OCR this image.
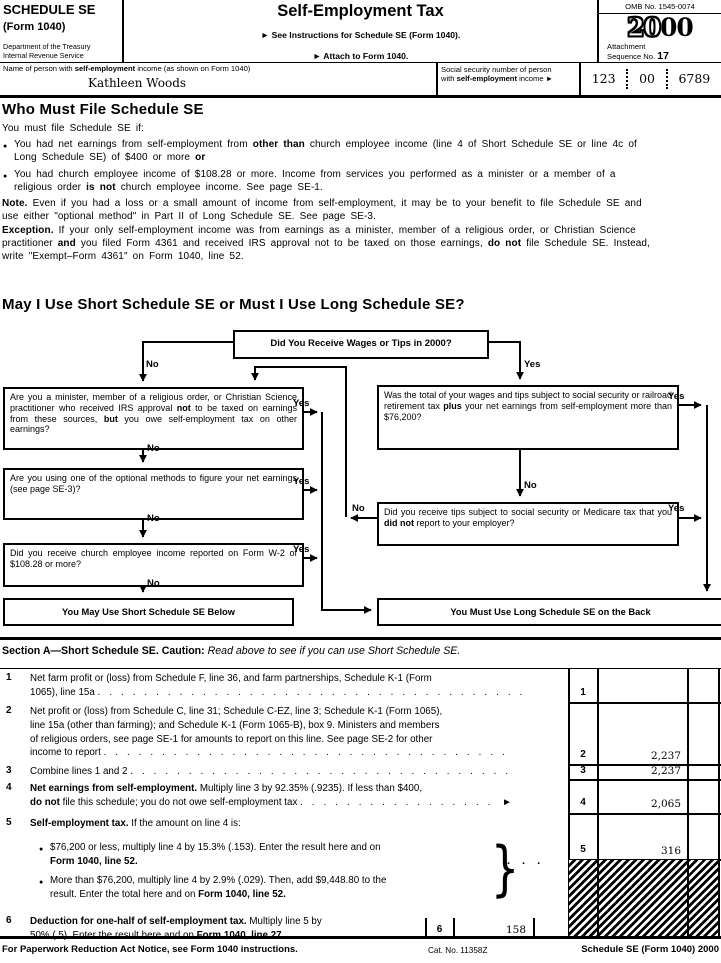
SCHEDULE SE
(Form 1040)
Department of the Treasury
Internal Revenue Service
Self-Employment Tax
► See Instructions for Schedule SE (Form 1040).
► Attach to Form 1040.
OMB No. 1545-0074
2000
Attachment
Sequence No. 17
Name of person with self-employment income (as shown on Form 1040)
Kathleen Woods
Social security number of person
with self-employment income ►	123 00 6789
Who Must File Schedule SE
You must file Schedule SE if:
● You had net earnings from self-employment from other than church employee income (line 4 of Short Schedule SE or line 4c of
Long Schedule SE) of $400 or more or
● You had church employee income of $108.28 or more. Income from services you performed as a minister or a member of a
religious order is not church employee income. See page SE-1.
Note. Even if you had a loss or a small amount of income from self-employment, it may be to your benefit to file Schedule SE and
use either "optional method" in Part II of Long Schedule SE. See page SE-3.
Exception. If your only self-employment income was from earnings as a minister, member of a religious order, or Christian Science
practitioner and you filed Form 4361 and received IRS approval not to be taxed on those earnings, do not file Schedule SE. Instead,
write "Exempt–Form 4361" on Form 1040, line 52.
May I Use Short Schedule SE or Must I Use Long Schedule SE?
Did You Receive Wages or Tips in 2000?
Are you a minister, member of a religious order, or Christian Science practitioner who received IRS approval not to be taxed on earnings from these sources, but you owe self-employment tax on other earnings?
Are you using one of the optional methods to figure your net earnings (see page SE-3)?
Did you receive church employee income reported on Form W-2 of $108.28 or more?
You May Use Short Schedule SE Below
Was the total of your wages and tips subject to social security or railroad retirement tax plus your net earnings from self-employment more than $76,200?
Did you receive tips subject to social security or Medicare tax that you did not report to your employer?
You Must Use Long Schedule SE on the Back
No	Yes
No
No
No
Yes
Yes
Yes
Yes
No
Yes
No
Section A—Short Schedule SE. Caution: Read above to see if you can use Short Schedule SE.
1 Net farm profit or (loss) from Schedule F, line 36, and farm partnerships, Schedule K-1 (Form
1065), line 15a .....................................	1
2 Net profit or (loss) from Schedule C, line 31; Schedule C-EZ, line 3; Schedule K-1 (Form 1065),
line 15a (other than farming); and Schedule K-1 (Form 1065-B), box 9. Ministers and members
of religious orders, see page SE-1 for amounts to report on this line. See page SE-2 for other
income to report ...................................	2	2,237
3 Combine lines 1 and 2 .................................	3	2,237
4 Net earnings from self-employment. Multiply line 3 by 92.35% (.9235). If less than $400,
do not file this schedule; you do not owe self-employment tax ................. ►	4	2,065
5 Self-employment tax. If the amount on line 4 is:
● $76,200 or less, multiply line 4 by 15.3% (.153). Enter the result here and on
Form 1040, line 52.
● More than $76,200, multiply line 4 by 2.9% (.029). Then, add $9,448.80 to the
result. Enter the total here and on Form 1040, line 52.	}
...
5	316
6 Deduction for one-half of self-employment tax. Multiply line 5 by

6	158
For Paperwork Reduction Act Notice, see Form 1040 instructions.	Cat. No. 11358Z	Schedule SE (Form 1040) 2000
